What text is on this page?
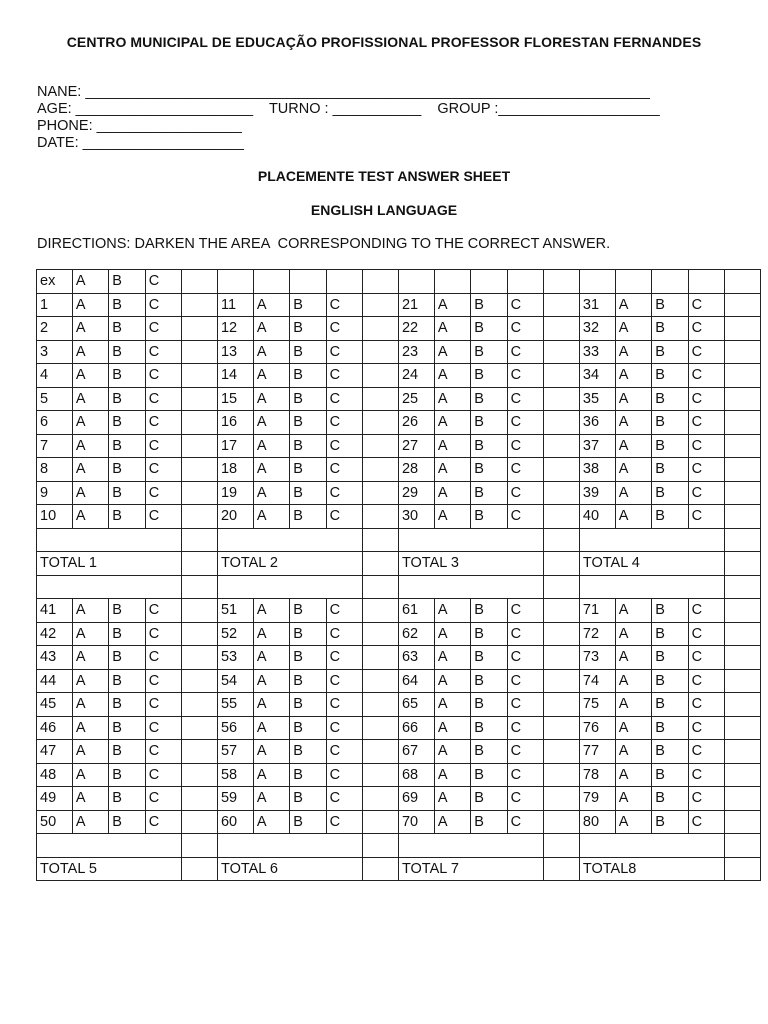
CENTRO MUNICIPAL DE EDUCAÇÃO PROFISSIONAL PROFESSOR FLORESTAN FERNANDES
NANE: ______________________________________________________________________
AGE: ______________________    TURNO : ___________    GROUP :____________________
PHONE: __________________
DATE: ____________________
PLACEMENTE TEST ANSWER SHEET
ENGLISH LANGUAGE
DIRECTIONS: DARKEN THE AREA  CORRESPONDING TO THE CORRECT ANSWER.
ex	A	B	C																
1	A	B	C		11	A	B	C		21	A	B	C		31	A	B	C	
2	A	B	C		12	A	B	C		22	A	B	C		32	A	B	C	
3	A	B	C		13	A	B	C		23	A	B	C		33	A	B	C	
4	A	B	C		14	A	B	C		24	A	B	C		34	A	B	C	
5	A	B	C		15	A	B	C		25	A	B	C		35	A	B	C	
6	A	B	C		16	A	B	C		26	A	B	C		36	A	B	C	
7	A	B	C		17	A	B	C		27	A	B	C		37	A	B	C	
8	A	B	C		18	A	B	C		28	A	B	C		38	A	B	C	
9	A	B	C		19	A	B	C		29	A	B	C		39	A	B	C	
10	A	B	C		20	A	B	C		30	A	B	C		40	A	B	C	

TOTAL 1					TOTAL 2					TOTAL 3					TOTAL 4				

41	A	B	C		51	A	B	C		61	A	B	C		71	A	B	C	
42	A	B	C		52	A	B	C		62	A	B	C		72	A	B	C	
43	A	B	C		53	A	B	C		63	A	B	C		73	A	B	C	
44	A	B	C		54	A	B	C		64	A	B	C		74	A	B	C	
45	A	B	C		55	A	B	C		65	A	B	C		75	A	B	C	
46	A	B	C		56	A	B	C		66	A	B	C		76	A	B	C	
47	A	B	C		57	A	B	C		67	A	B	C		77	A	B	C	
48	A	B	C		58	A	B	C		68	A	B	C		78	A	B	C	
49	A	B	C		59	A	B	C		69	A	B	C		79	A	B	C	
50	A	B	C		60	A	B	C		70	A	B	C		80	A	B	C	

TOTAL 5					TOTAL 6					TOTAL 7					TOTAL8				
